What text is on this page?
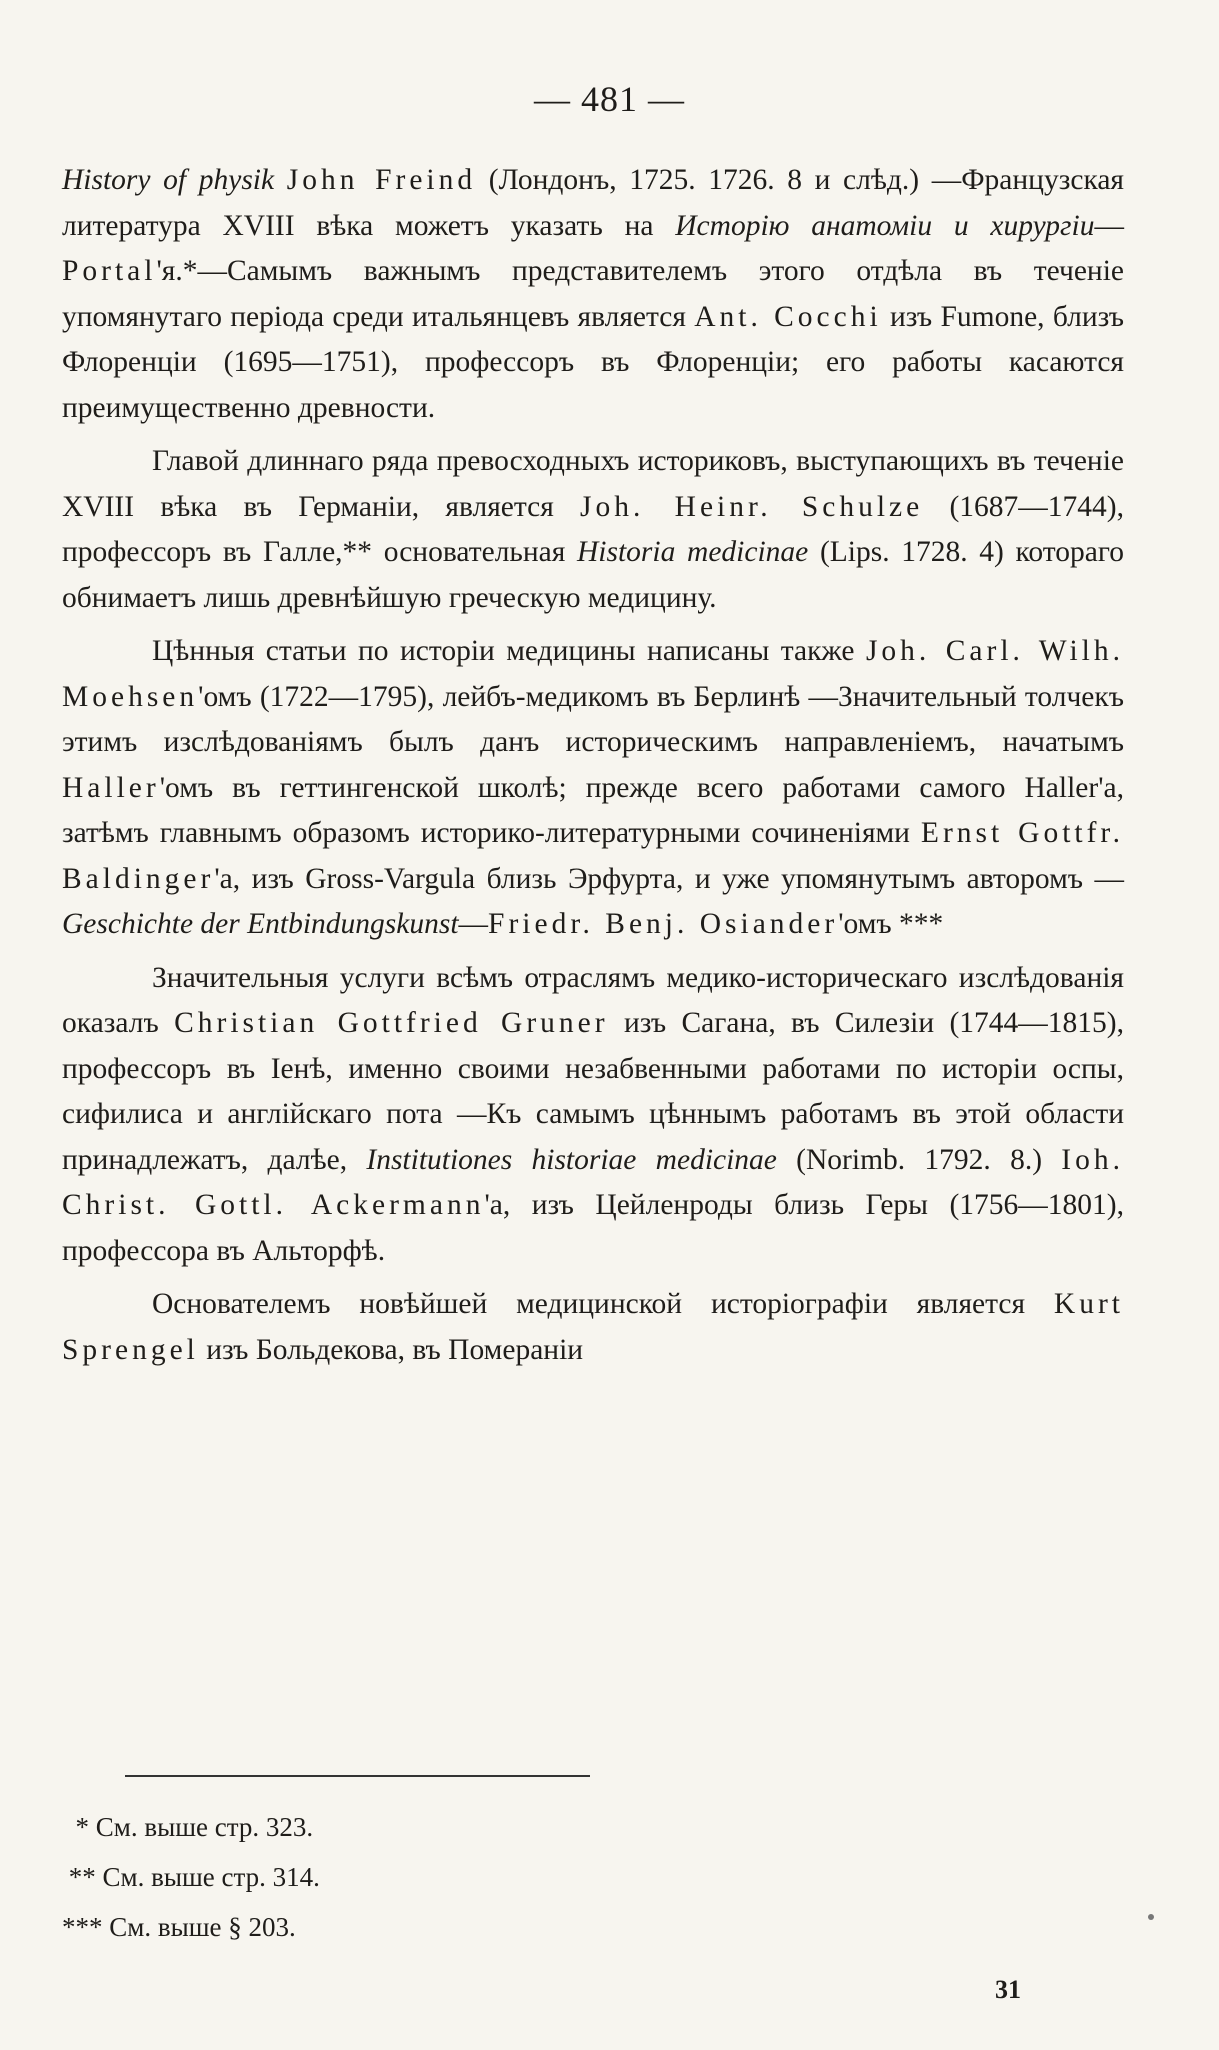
— 481 —

History of physik John Freind (Лондонъ, 1725. 1726. 8 и слѣд.) —Французская литература XVIII вѣка можетъ указать на Исторію анатоміи и хирургіи—Portal'я.*—Самымъ важнымъ представителемъ этого отдѣла въ теченіе упомянутаго періода среди итальянцевъ является Ant. Cocchi изъ Fumone, близъ Флоренціи (1695—1751), профессоръ въ Флоренціи; его работы касаются преимущественно древности.

Главой длиннаго ряда превосходныхъ историковъ, выступающихъ въ теченіе XVIII вѣка въ Германіи, является Joh. Heinr. Schulze (1687—1744), профессоръ въ Галле,** основательная Historia medicinae (Lips. 1728. 4) котораго обнимаетъ лишь древнѣйшую греческую медицину.

Цѣнныя статьи по исторіи медицины написаны также Joh. Carl. Wilh. Moehsen'омъ (1722—1795), лейбъ-медикомъ въ Берлинѣ —Значительный толчекъ этимъ изслѣдованіямъ былъ данъ историческимъ направленіемъ, начатымъ Haller'омъ въ геттингенской школѣ; прежде всего работами самого Haller'а, затѣмъ главнымъ образомъ историко-литературными сочиненіями Ernst Gottfr. Baldinger'a, изъ Gross-Vargula близь Эрфурта, и уже упомянутымъ авторомъ — Geschichte der Entbindungskunst—Friedr. Benj. Osiander'омъ ***

Значительныя услуги всѣмъ отраслямъ медико-историческаго изслѣдованія оказалъ Christian Gottfried Gruner изъ Сагана, въ Силезіи (1744—1815), профессоръ въ Іенѣ, именно своими незабвенными работами по исторіи оспы, сифилиса и англійскаго пота —Къ самымъ цѣннымъ работамъ въ этой области принадлежатъ, далѣе, Institutiones historiae medicinae (Norimb. 1792. 8.) Ioh. Christ. Gottl. Ackermann'a, изъ Цейленроды близь Геры (1756—1801), профессора въ Альторфѣ.

Основателемъ новѣйшей медицинской исторіографіи является Kurt Sprengel изъ Больдекова, въ Помераніи

* См. выше стр. 323.
** См. выше стр. 314.
*** См. выше § 203.
31
